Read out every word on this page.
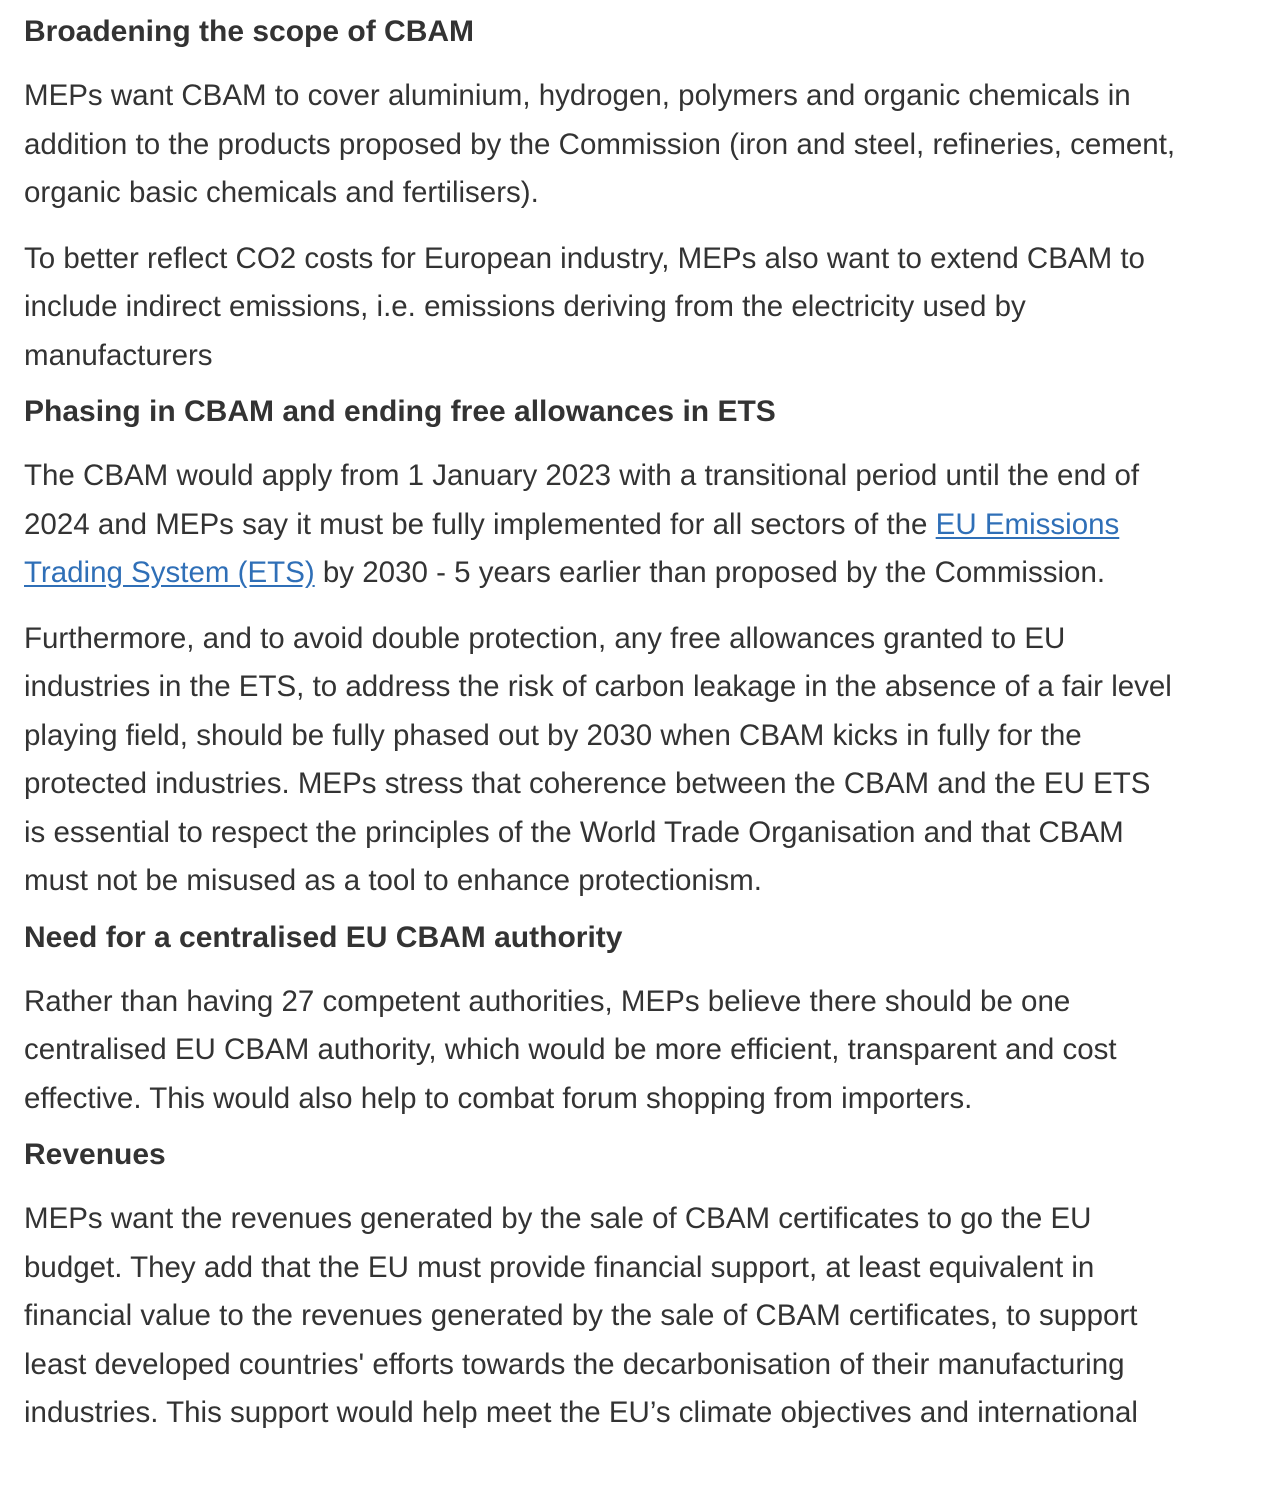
Broadening the scope of CBAM

MEPs want CBAM to cover aluminium, hydrogen, polymers and organic chemicals in
addition to the products proposed by the Commission (iron and steel, refineries, cement,
organic basic chemicals and fertilisers).

To better reflect CO2 costs for European industry, MEPs also want to extend CBAM to
include indirect emissions, i.e. emissions deriving from the electricity used by
manufacturers

Phasing in CBAM and ending free allowances in ETS

The CBAM would apply from 1 January 2023 with a transitional period until the end of
2024 and MEPs say it must be fully implemented for all sectors of the EU Emissions
Trading System (ETS) by 2030 - 5 years earlier than proposed by the Commission.

Furthermore, and to avoid double protection, any free allowances granted to EU
industries in the ETS, to address the risk of carbon leakage in the absence of a fair level
playing field, should be fully phased out by 2030 when CBAM kicks in fully for the
protected industries. MEPs stress that coherence between the CBAM and the EU ETS
is essential to respect the principles of the World Trade Organisation and that CBAM
must not be misused as a tool to enhance protectionism.

Need for a centralised EU CBAM authority

Rather than having 27 competent authorities, MEPs believe there should be one
centralised EU CBAM authority, which would be more efficient, transparent and cost
effective. This would also help to combat forum shopping from importers.

Revenues

MEPs want the revenues generated by the sale of CBAM certificates to go the EU
budget. They add that the EU must provide financial support, at least equivalent in
financial value to the revenues generated by the sale of CBAM certificates, to support
least developed countries' efforts towards the decarbonisation of their manufacturing
industries. This support would help meet the EU’s climate objectives and international
